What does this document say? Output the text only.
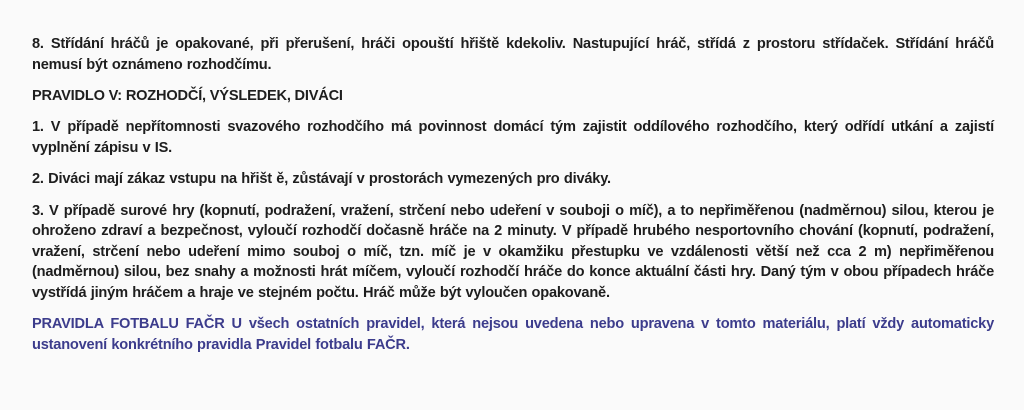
8. Střídání hráčů je opakované, při přerušení, hráči opouští hřiště kdekoliv. Nastupující hráč, střídá z prostoru střídaček. Střídání hráčů nemusí být oznámeno rozhodčímu.

PRAVIDLO V: ROZHODČÍ, VÝSLEDEK, DIVÁCI

1. V případě nepřítomnosti svazového rozhodčího má povinnost domácí tým zajistit oddílového rozhodčího, který odřídí utkání a zajistí vyplnění zápisu v IS.

2. Diváci mají zákaz vstupu na hřišt ě, zůstávají v prostorách vymezených pro diváky.

3. V případě surové hry (kopnutí, podražení, vražení, strčení nebo udeření v souboji o míč), a to nepřiměřenou (nadměrnou) silou, kterou je ohroženo zdraví a bezpečnost, vyloučí rozhodčí dočasně hráče na 2 minuty. V případě hrubého nesportovního chování (kopnutí, podražení, vražení, strčení nebo udeření mimo souboj o míč, tzn. míč je v okamžiku přestupku ve vzdálenosti větší než cca 2 m) nepřiměřenou (nadměrnou) silou, bez snahy a možnosti hrát míčem, vyloučí rozhodčí hráče do konce aktuální části hry. Daný tým v obou případech hráče vystřídá jiným hráčem a hraje ve stejném počtu. Hráč může být vyloučen opakovaně.

PRAVIDLA FOTBALU FAČR U všech ostatních pravidel, která nejsou uvedena nebo upravena v tomto materiálu, platí vždy automaticky ustanovení konkrétního pravidla Pravidel fotbalu FAČR.
